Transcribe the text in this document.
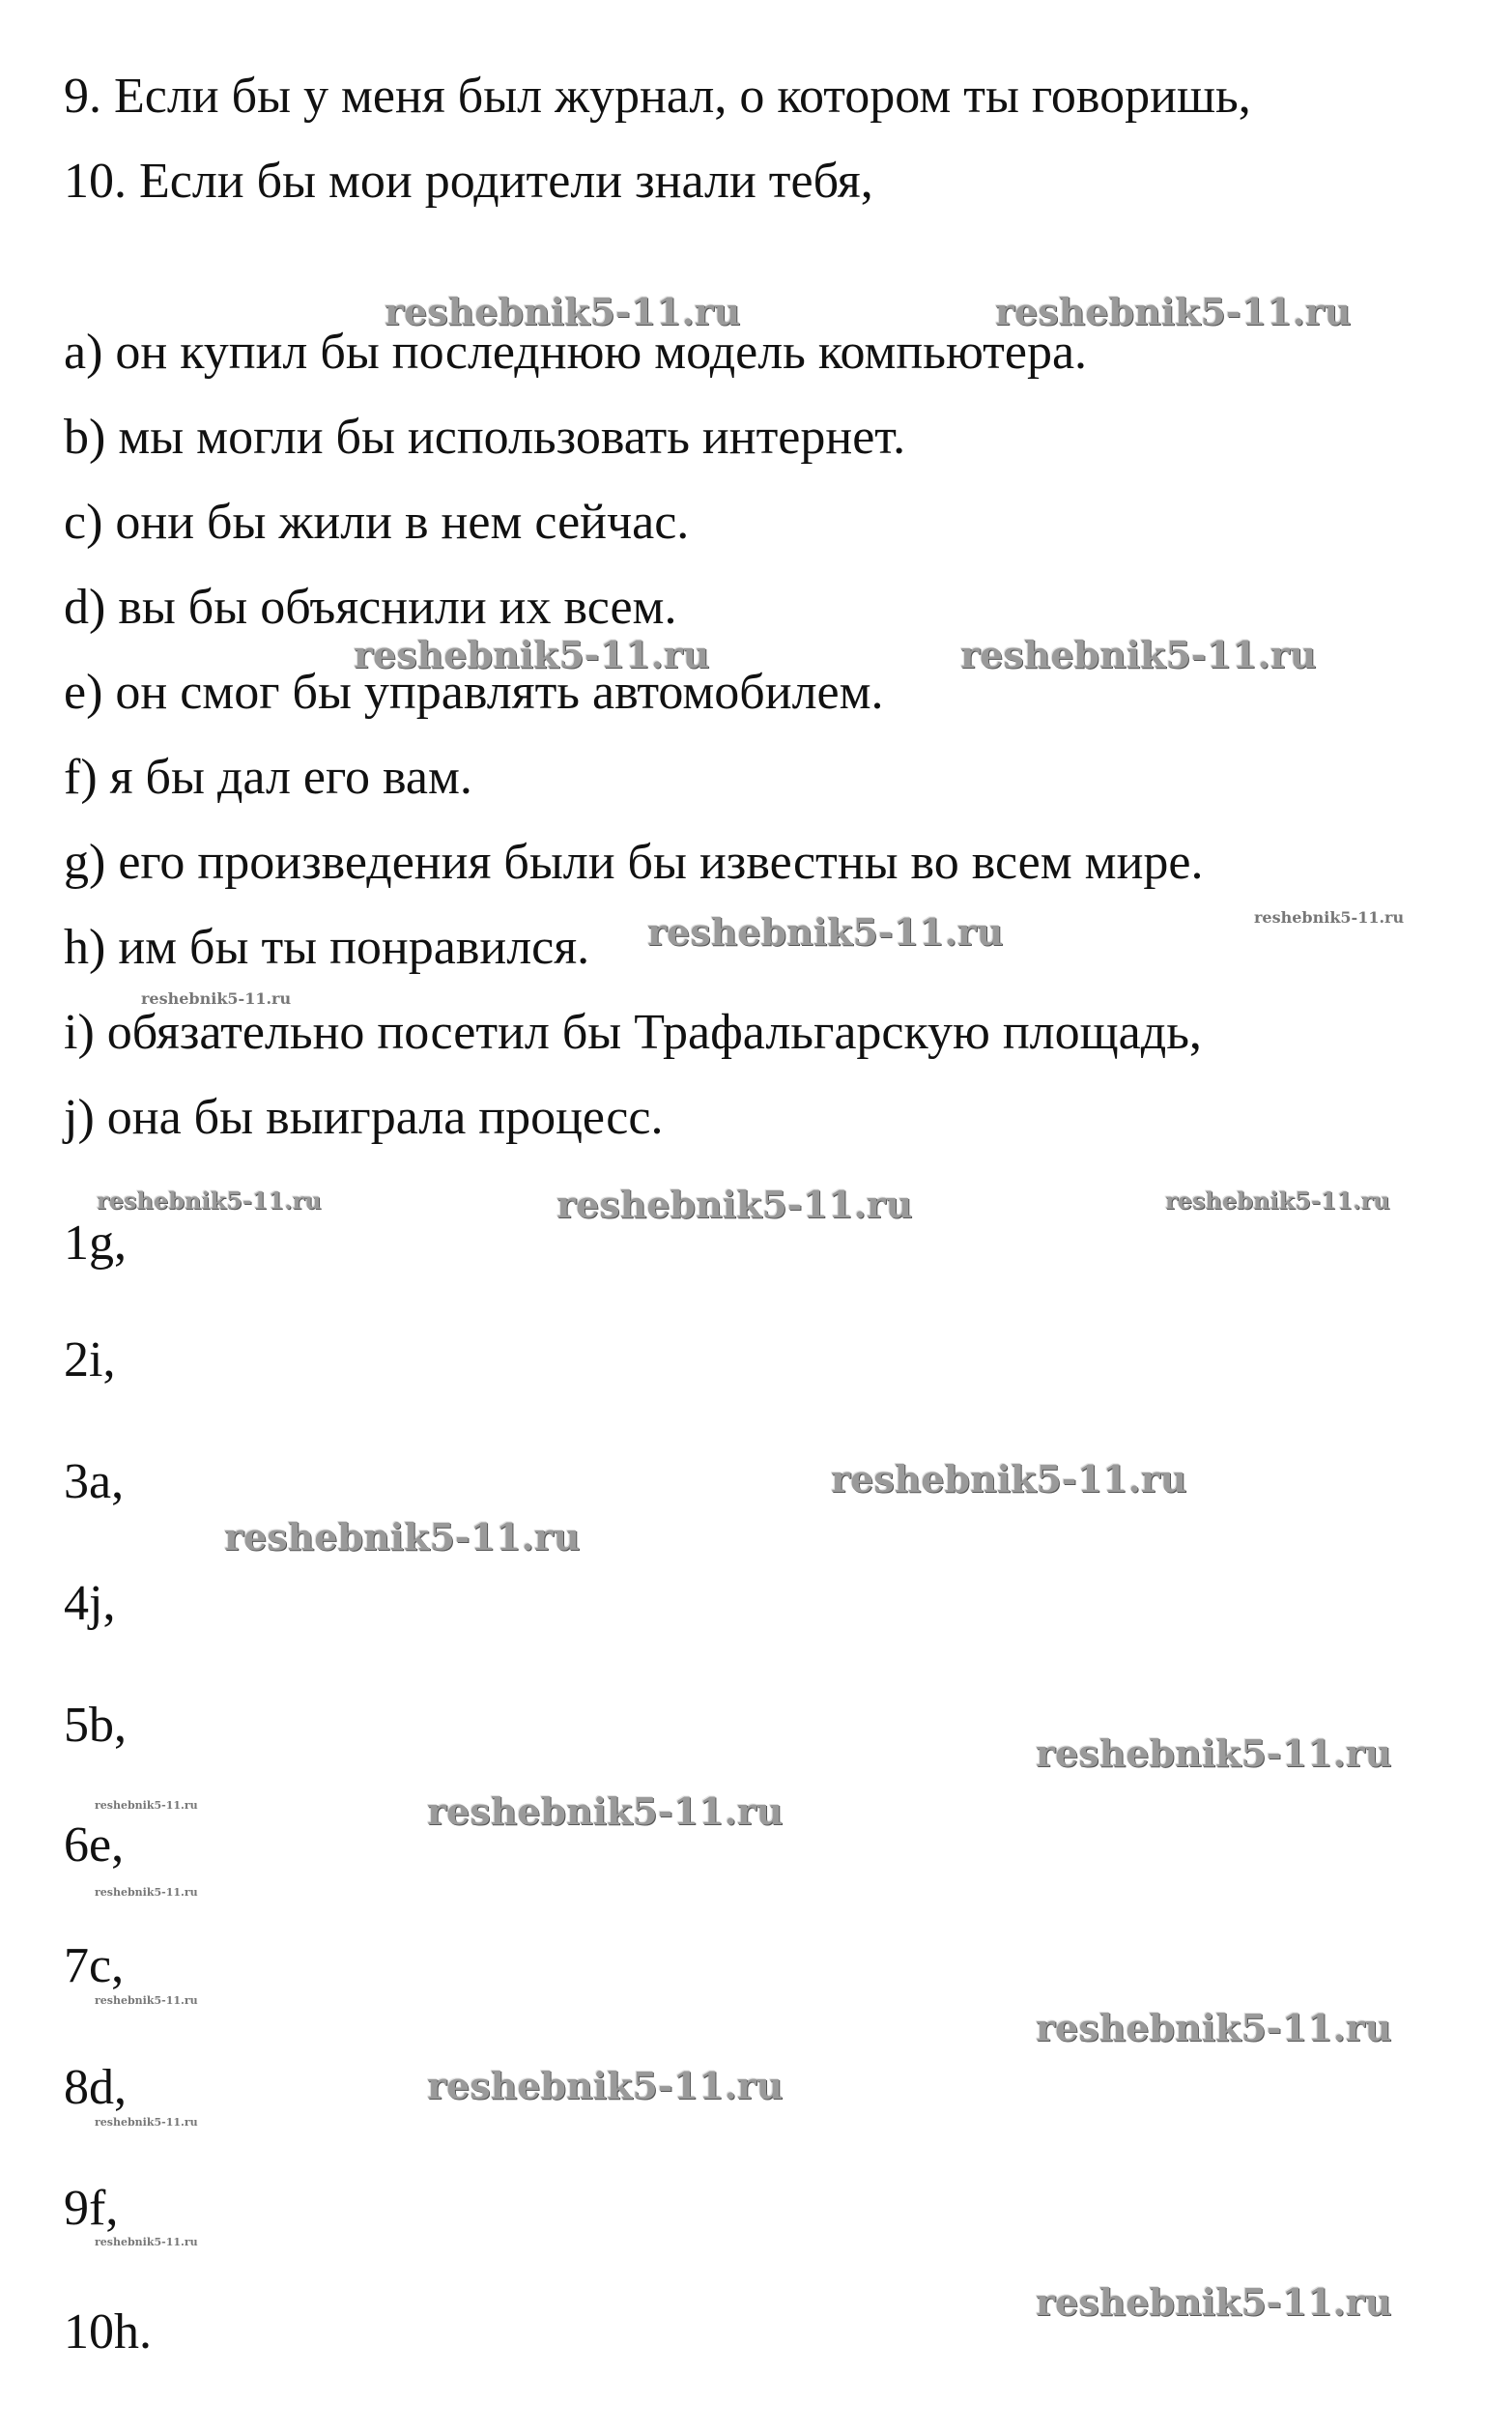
9. Если бы у меня был журнал, о котором ты говоришь,
10. Если бы мои родители знали тебя,
a) он купил бы последнюю модель компьютера.
b) мы могли бы использовать интернет.
c) они бы жили в нем сейчас.
d) вы бы объяснили их всем.
e) он смог бы управлять автомобилем.
f) я бы дал его вам.
g) его произведения были бы известны во всем мире.
h) им бы ты понравился.
i) обязательно посетил бы Трафальгарскую площадь,
j) она бы выиграла процесс.
1g,
2i,
3a,
4j,
5b,
6e,
7c,
8d,
9f,
10h.
reshebnik5-11.ru	reshebnik5-11.ru
reshebnik5-11.ru	reshebnik5-11.ru
reshebnik5-11.ru	reshebnik5-11.ru
reshebnik5-11.ru
reshebnik5-11.ru	reshebnik5-11.ru	reshebnik5-11.ru
reshebnik5-11.ru
reshebnik5-11.ru
reshebnik5-11.ru
reshebnik5-11.ru
reshebnik5-11.ru
reshebnik5-11.ru
reshebnik5-11.ru
reshebnik5-11.ru
reshebnik5-11.ru
reshebnik5-11.ru
reshebnik5-11.ru
reshebnik5-11.ru
